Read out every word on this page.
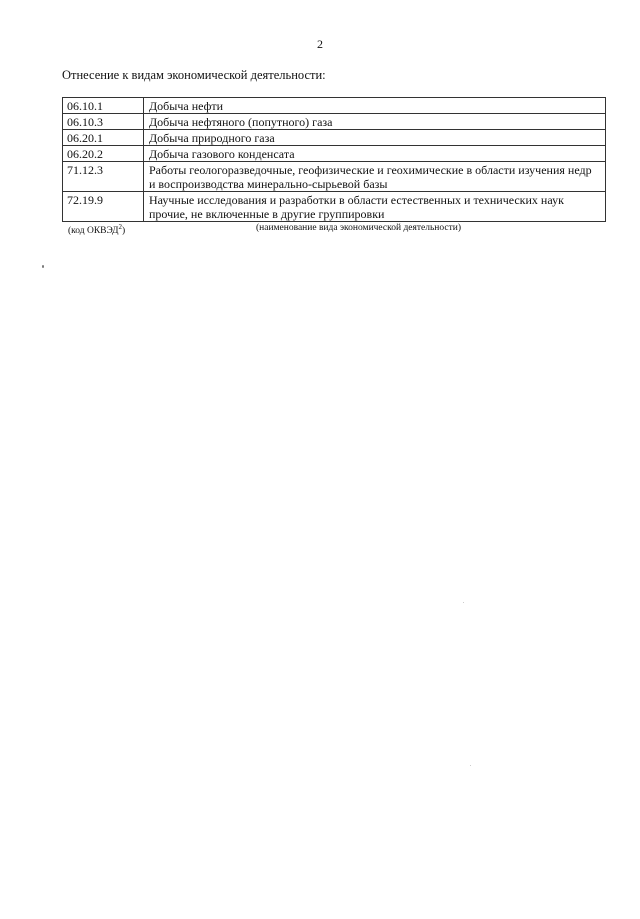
2
Отнесение к видам экономической деятельности:
06.10.1	Добыча нефти
06.10.3	Добыча нефтяного (попутного) газа
06.20.1	Добыча природного газа
06.20.2	Добыча газового конденсата
71.12.3	Работы геологоразведочные, геофизические и геохимические в области изучения недр и воспроизводства минерально-сырьевой базы
72.19.9	Научные исследования и разработки в области естественных и технических наук прочие, не включенные в другие группировки
(код ОКВЭД$^2$)	(наименование вида экономической деятельности)
